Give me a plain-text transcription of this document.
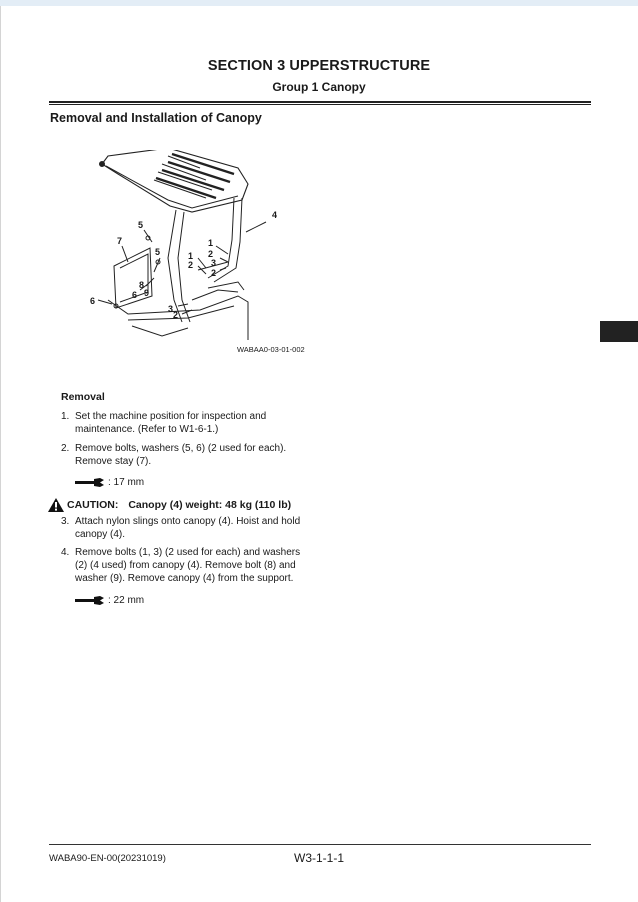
SECTION 3 UPPERSTRUCTURE
Group 1 Canopy
Removal and Installation of Canopy
4
5
7
5
1
2
3
2
1
2
6
8
9
6
3
2
WABAA0-03-01-002
Removal
1. Set the machine position for inspection and maintenance. (Refer to W1-6-1.)
2. Remove bolts, washers (5, 6) (2 used for each). Remove stay (7).
: 17 mm
CAUTION: Canopy (4) weight: 48 kg (110 lb)
3. Attach nylon slings onto canopy (4). Hoist and hold canopy (4).
4. Remove bolts (1, 3) (2 used for each) and washers (2) (4 used) from canopy (4). Remove bolt (8) and washer (9). Remove canopy (4) from the support.
: 22 mm
WABA90-EN-00(20231019)	W3-1-1-1
